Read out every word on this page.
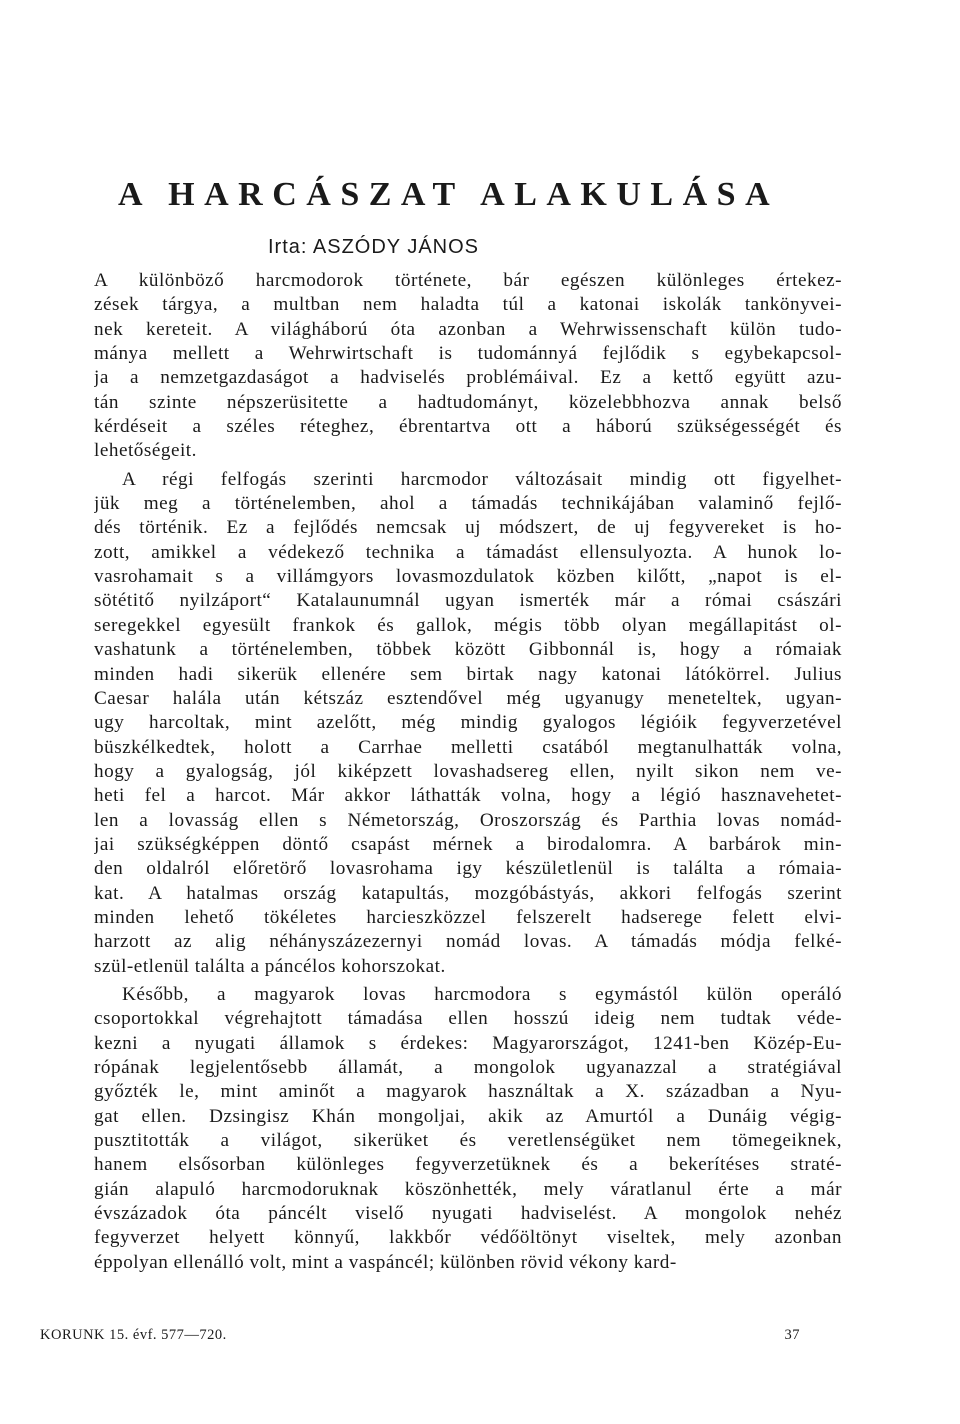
A HARCÁSZAT ALAKULÁSA
Irta: ASZÓDY JÁNOS
A különböző harcmodorok története, bár egészen különleges értekez-
zések tárgya, a multban nem haladta túl a katonai iskolák tankönyvei-
nek kereteit. A világháború óta azonban a Wehrwissenschaft külön tudo-
mánya mellett a Wehrwirtschaft is tudománnyá fejlődik s egybekapcsol-
ja a nemzetgazdaságot a hadviselés problémáival. Ez a kettő együtt azu-
tán szinte népszerüsitette a hadtudományt, közelebbhozva annak belső
kérdéseit a széles réteghez, ébrentartva ott a háború szükségességét és
lehetőségeit.
A régi felfogás szerinti harcmodor változásait mindig ott figyelhet-
jük meg a történelemben, ahol a támadás technikájában valaminő fejlő-
dés történik. Ez a fejlődés nemcsak uj módszert, de uj fegyvereket is ho-
zott, amikkel a védekező technika a támadást ellensulyozta. A hunok lo-
vasrohamait s a villámgyors lovasmozdulatok közben kilőtt, „napot is el-
sötétitő nyilzáport“ Katalaunumnál ugyan ismerték már a római császári
seregekkel egyesült frankok és gallok, mégis több olyan megállapitást ol-
vashatunk a történelemben, többek között Gibbonnál is, hogy a rómaiak
minden hadi sikerük ellenére sem birtak nagy katonai látókörrel. Julius
Caesar halála után kétszáz esztendővel még ugyanugy meneteltek, ugyan-
ugy harcoltak, mint azelőtt, még mindig gyalogos légióik fegyverzetével
büszkélkedtek, holott a Carrhae melletti csatából megtanulhatták volna,
hogy a gyalogság, jól kiképzett lovashadsereg ellen, nyilt sikon nem ve-
heti fel a harcot. Már akkor láthatták volna, hogy a légió hasznavehetet-
len a lovasság ellen s Németország, Oroszország és Parthia lovas nomád-
jai szükségképpen döntő csapást mérnek a birodalomra. A barbárok min-
den oldalról előretörő lovasrohama igy készületlenül is találta a rómaia-
kat. A hatalmas ország katapultás, mozgóbástyás, akkori felfogás szerint
minden lehető tökéletes harcieszközzel felszerelt hadserege felett elvi-
harzott az alig néhányszázezernyi nomád lovas. A támadás módja felké-
szül-etlenül találta a páncélos kohorszokat.
Később, a magyarok lovas harcmodora s egymástól külön operáló
csoportokkal végrehajtott támadása ellen hosszú ideig nem tudtak véde-
kezni a nyugati államok s érdekes: Magyarországot, 1241-ben Közép-Eu-
rópának legjelentősebb államát, a mongolok ugyanazzal a stratégiával
győzték le, mint aminőt a magyarok használtak a X. században a Nyu-
gat ellen. Dzsingisz Khán mongoljai, akik az Amurtól a Dunáig végig-
pusztitották a világot, sikerüket és veretlenségüket nem tömegeiknek,
hanem elsősorban különleges fegyverzetüknek és a bekerítéses straté-
gián alapuló harcmodoruknak köszönhették, mely váratlanul érte a már
évszázadok óta páncélt viselő nyugati hadviselést. A mongolok nehéz
fegyverzet helyett könnyű, lakkbőr védőöltönyt viseltek, mely azonban
éppolyan ellenálló volt, mint a vaspáncél; különben rövid vékony kard-
KORUNK 15. évf. 577—720.	37
